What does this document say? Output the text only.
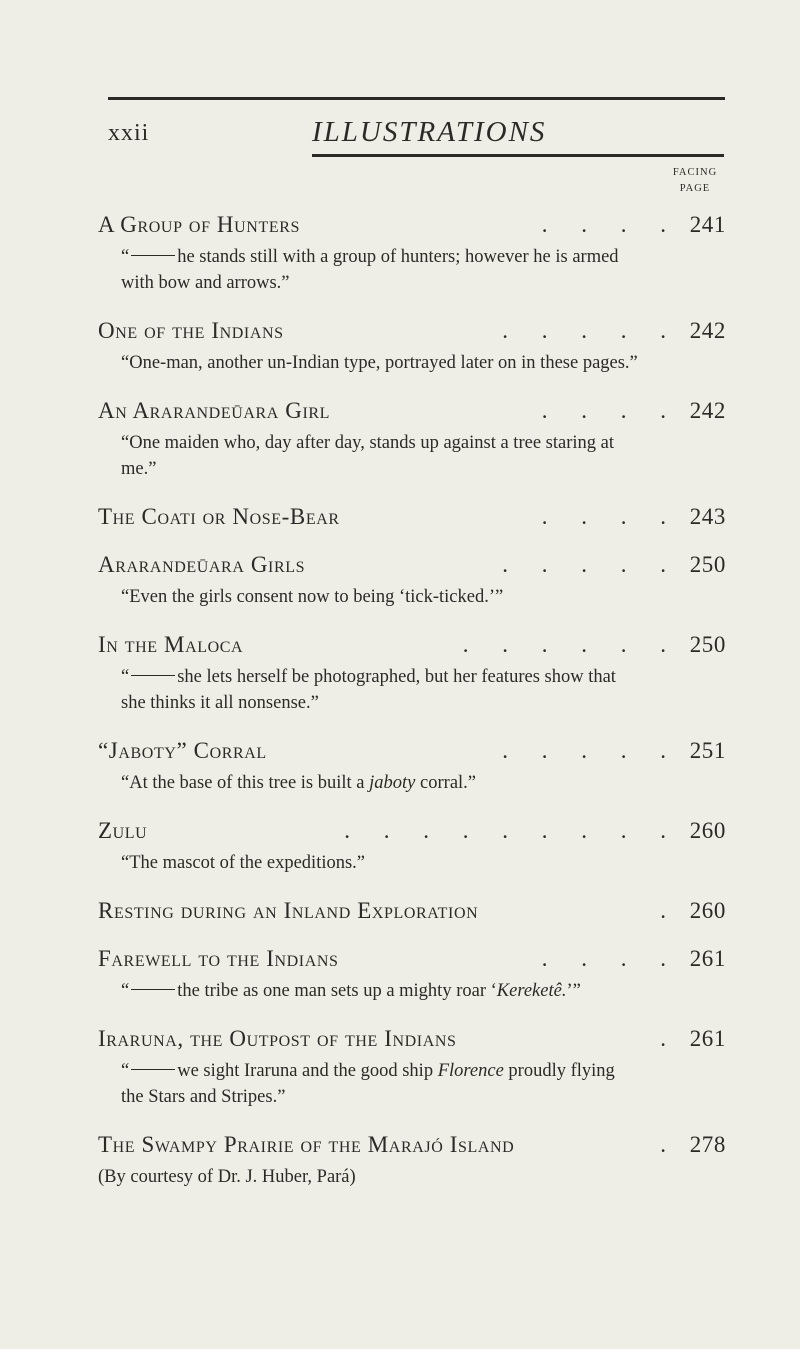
xxii	ILLUSTRATIONS
FACING
PAGE
A Group of Hunters	. . . . 241
“	he stands still with a group of hunters; however he is armed with bow and arrows.”
One of the Indians	. . . . . 242
“One-man, another un-Indian type, portrayed later on in these pages.”
An Ararandeūara Girl	. . . . 242
“One maiden who, day after day, stands up against a tree staring at me.”
The Coati or Nose-Bear	. . . . 243
Ararandeūara Girls	. . . . . 250
“Even the girls consent now to being ‘tick-ticked.’”
In the Maloca	. . . . . . 250
“	she lets herself be photographed, but her features show that she thinks it all nonsense.”
“Jaboty” Corral	. . . . . 251
“At the base of this tree is built a jaboty corral.”
Zulu	. . . . . . . . . 260
“The mascot of the expeditions.”
Resting during an Inland Exploration	. 260
Farewell to the Indians	. . . . 261
“	the tribe as one man sets up a mighty roar ‘Kereketê.’”
Iraruna, the Outpost of the Indians	. 261
“	we sight Iraruna and the good ship Florence proudly flying the Stars and Stripes.”
The Swampy Prairie of the Marajó Island	. 278
(By courtesy of Dr. J. Huber, Pará)
